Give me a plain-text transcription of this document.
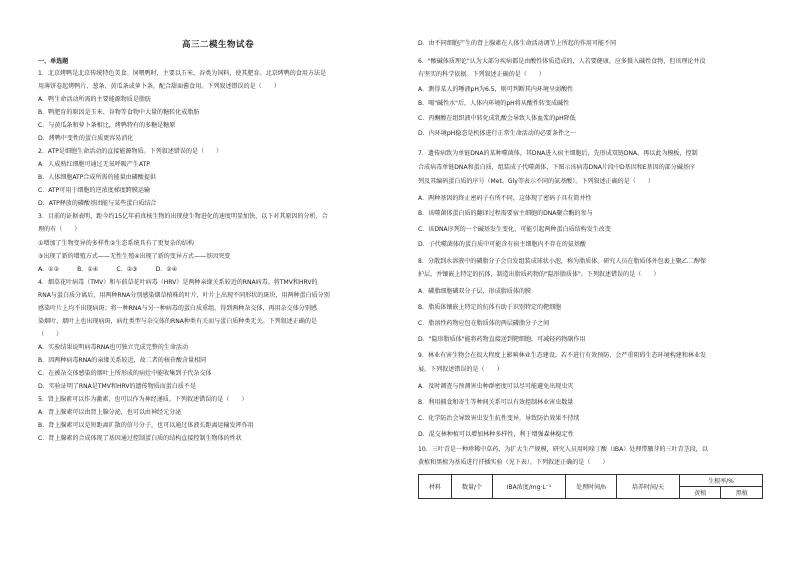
高三二模生物试卷
一、单选题
1．北京烤鸭是北京传统特色美食。饲喂鸭时，主要以玉米、谷类为饲料，使其肥育。北京烤鸭的食用方法是
用薄饼卷起烤鸭片、葱条、黄瓜条或萝卜条，配合甜面酱食用。下列叙述错误的是（　　）
A．鸭生命活动所需的主要能源物质是脂肪
B．鸭肥育的原因是玉米、谷物等食物中大量的糖转化成脂肪
C．与黄瓜条和萝卜条相比，烤鸭特有的多糖是糖原
D．烤鸭中变性的蛋白质更容易消化
2．ATP是细胞生命活动的直接能源物质。下列叙述错误的是（　　）
A．人成熟红细胞可通过无氧呼吸产生ATP
B．人体细胞ATP合成所需的能量由磷酸提供
C．ATP可用于细胞的逆浓度梯度跨膜运输
D．ATP释放的磷酸基团能与某些蛋白质结合
3．目前的证据表明，距今约15亿年前真核生物的出现使生物进化的速度明显加快，以下对其原因的分析，合
理的有（　　）
①增加了生物变异的多样性②生态系统具有了更复杂的结构
③出现了新的增殖方式——无性生殖④出现了新的变异方式——基因突变
A．①②　　　B．①④　　　C．②③　　　D．②④
4．烟草花叶病毒（TMV）和车前草花叶病毒（HRV）是两种亲缘关系较近的RNA病毒。将TMV和HRV的
RNA与蛋白质分离后，用两种RNA分别感染烟草植株的叶片，叶片上出现不同形状的斑块，用两种蛋白质分别
感染叶片上均不出现病斑；将一种RNA与另一种病毒的蛋白质重组，得到两种杂交体，再用杂交体分别感
染烟叶，烟叶上也出现病斑，病灶类型与杂交体的RNA种类有关而与蛋白质种类无关。下列叙述正确的是
（　　）
A．实验结果说明病毒RNA也可独立完成完整的生命活动
B．因两种病毒RNA的亲缘关系较近，故二者的核苷酸含量相同
C．在被杂交体感染的烟叶上所形成的病灶中能收集到子代杂交体
D．实验证明了RNA是TMV和HRV的遗传物质而蛋白质不是
5．肾上腺素可以作为激素，也可以作为神经递质。下列叙述错误的是（　　）
A．肾上腺素可以由肾上腺分泌，也可以由神经元分泌
B．肾上腺素可以是短距离扩散的信号分子，也可以通过体液长距离运输发挥作用
C．肾上腺素的合成体现了基因通过控制蛋白质的结构直接控制生物体的性状
D．由不同细胞产生的肾上腺素在人体生命活动调节上所起的作用可能不同
6．"酸碱体质理论"认为大部分疾病都是由酸性体质造成的，人若要健康，应多摄入碱性食物，但该理论并没
有坚实的科学依据。下列叙述正确的是（　　）
A．测得某人的唾液pH为6.5，则可判断其内环境呈弱酸性
B．喝"碱性水"后，人体内环境的pH将从酸性转变成碱性
C．丙酮酸在组织液中转化成乳酸会导致人体血浆的pH降低
D．内环境pH稳态是机体进行正常生命活动的必要条件之一
7．遗传病致为单链DNA的某种噬菌体，其DNA进入宿主细胞后，先形成双链DNA，再以此为模板，控制
合成病毒单链DNA和蛋白质，组装成子代噬菌体，下图示该病毒DNA片段中D基因和E基因的部分碱基序
列及其编码蛋白质的序号（Met、Gly等表示不同的氨基酸）。下列叙述正确的是（　　）
A．两种基因的终止密码子有所不同，这体现了密码子具有简并性
B．该噬菌体蛋白质的翻译过程需要宿主细胞的DNA聚合酶的参与
C．该DNA序列的一个碱基发生变化，可能引起两种蛋白质结构发生改变
D．子代噬菌体的蛋白质中可能含有宿主细胞内不存在的氨基酸
8．分散到水溶液中的磷脂分子会自发组装成球状小泡，称为脂质体。研究人员在脂质体外包裹上聚乙二醇保
护层，并镶嵌上特定的抗体，制造出脂质药物的"隐形脂质体"。下列叙述错误的是（　　）
A．磷脂细胞磷双分子层，形成脂质体的膜
B．脂质体镶嵌上特定的抗体有助于识别特定的靶细胞
C．脂溶性药物应包在脂质体的两层磷脂分子之间
D．"隐形脂质体"能将药物直接送到靶细胞，可减轻药物副作用
9．林业有害生物会在很大程度上影响林业生态建设，若不进行有效预防，会严重阻碍生态环境构建和林业发
展。下列叙述错误的是（　　）
A．及时调查与预测害虫种群密度可以尽可能避免出现虫灾
B．利用捕食和寄生等种间关系可以有效控制林业害虫数量
C．化学防治会导致害虫发生抗性变异，导致防治效果不持续
D．混交林种植可以增加林种多样性，利于增强森林稳定性
10．三叶青是一种珍稀中草药，为扩大生产规模，研究人员用吲哚丁酸（IBA）处理带腋芽的三叶青茎段，以
黄植和黑植为基质进行扦插实验（见下表）。下列叙述正确的是（　　）
材料	数量/个	IBA浓度/mg·L⁻¹	处理时间/h	培养时间/天	生根率/%	
					黄植	黑植
